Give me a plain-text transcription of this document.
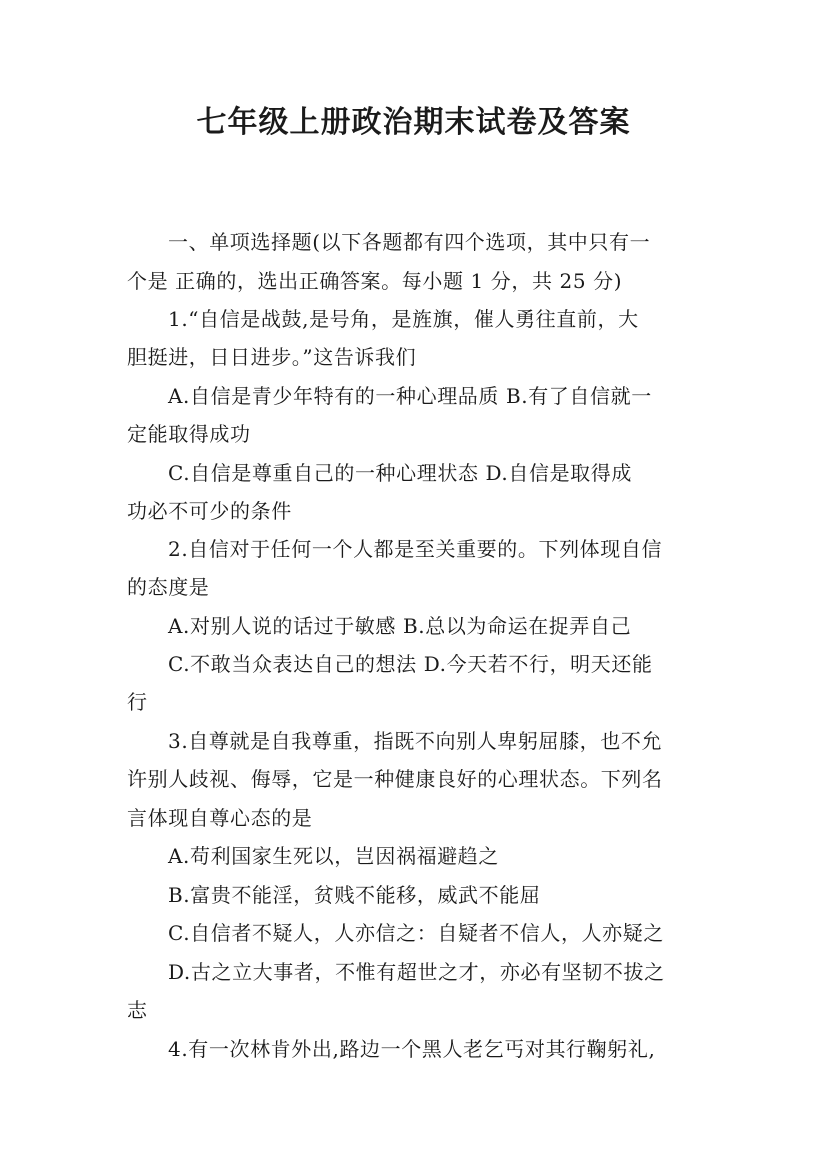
七年级上册政治期末试卷及答案
一、单项选择题(以下各题都有四个选项，其中只有一
个是 正确的，选出正确答案。每小题 1 分，共 25 分)
1.“自信是战鼓,是号角，是旌旗，催人勇往直前，大
胆挺进，日日进步。”这告诉我们
A.自信是青少年特有的一种心理品质 B.有了自信就一
定能取得成功
C.自信是尊重自己的一种心理状态 D.自信是取得成
功必不可少的条件
2.自信对于任何一个人都是至关重要的。下列体现自信
的态度是
A.对别人说的话过于敏感 B.总以为命运在捉弄自己
C.不敢当众表达自己的想法 D.今天若不行，明天还能
行
3.自尊就是自我尊重，指既不向别人卑躬屈膝，也不允
许别人歧视、侮辱，它是一种健康良好的心理状态。下列名
言体现自尊心态的是
A.苟利国家生死以，岂因祸福避趋之
B.富贵不能淫，贫贱不能移，威武不能屈
C.自信者不疑人，人亦信之：自疑者不信人，人亦疑之
D.古之立大事者，不惟有超世之才，亦必有坚韧不拔之
志
4.有一次林肯外出,路边一个黑人老乞丐对其行鞠躬礼,
